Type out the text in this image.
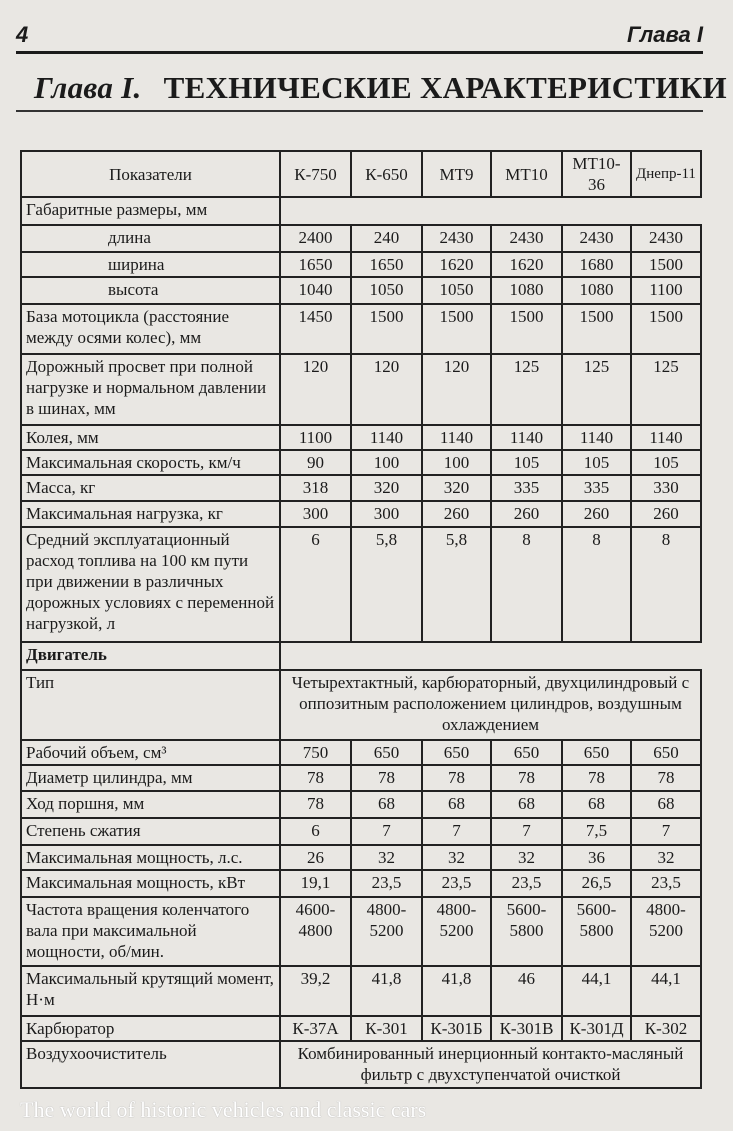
4	Глава I
Глава I. ТЕХНИЧЕСКИЕ ХАРАКТЕРИСТИКИ
Показатели	К-750	К-650	МТ9	МТ10	МТ10-36	Днепр-11
Габаритные размеры, мм						
длина	2400	240	2430	2430	2430	2430
ширина	1650	1650	1620	1620	1680	1500
высота	1040	1050	1050	1080	1080	1100
База мотоцикла (расстояние между осями колес), мм	1450	1500	1500	1500	1500	1500
Дорожный просвет при полной нагрузке и нормальном давлении в шинах, мм	120	120	120	125	125	125
Колея, мм	1100	1140	1140	1140	1140	1140
Максимальная скорость, км/ч	90	100	100	105	105	105
Масса, кг	318	320	320	335	335	330
Максимальная нагрузка, кг	300	300	260	260	260	260
Средний эксплуатационный расход топлива на 100 км пути при движении в различных дорожных условиях с переменной нагрузкой, л	6	5,8	5,8	8	8	8
Двигатель						
Тип	Четырехтактный, карбюраторный, двухцилиндровый с оппозитным расположением цилиндров, воздушным охлаждением					
Рабочий объем, см³	750	650	650	650	650	650
Диаметр цилиндра, мм	78	78	78	78	78	78
Ход поршня, мм	78	68	68	68	68	68
Степень сжатия	6	7	7	7	7,5	7
Максимальная мощность, л.с.	26	32	32	32	36	32
Максимальная мощность, кВт	19,1	23,5	23,5	23,5	26,5	23,5
Частота вращения коленчатого вала при максимальной мощности, об/мин.	4600-4800	4800-5200	4800-5200	5600-5800	5600-5800	4800-5200
Максимальный крутящий момент, Н·м	39,2	41,8	41,8	46	44,1	44,1
Карбюратор	К-37А	К-301	К-301Б	К-301В	К-301Д	К-302
Воздухоочиститель	Комбинированный инерционный контакто-масляный фильтр с двухступенчатой очисткой					
The world of historic vehicles and classic cars
